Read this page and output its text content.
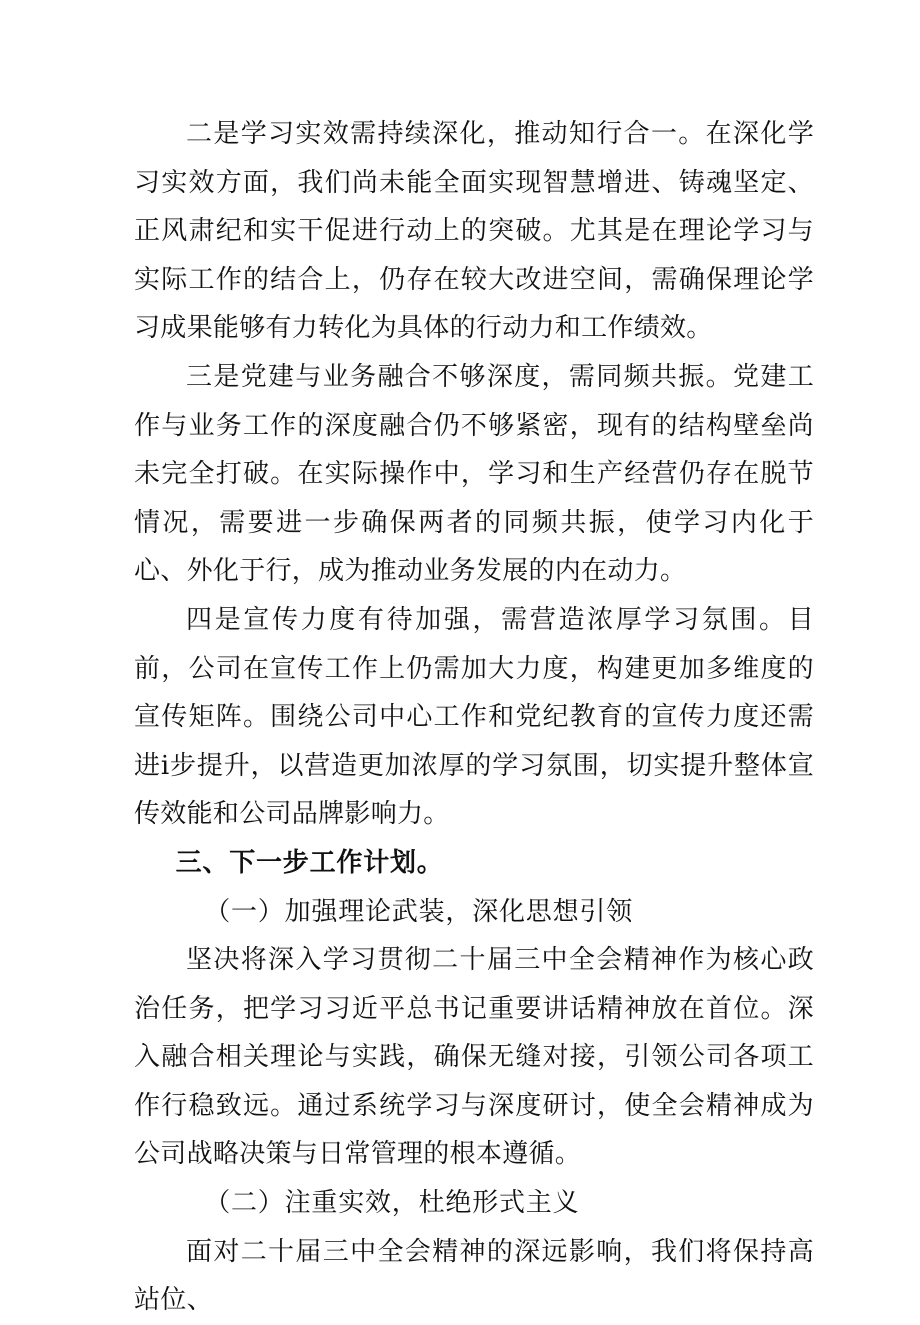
二是学习实效需持续深化，推动知行合一。在深化学习实效方面，我们尚未能全面实现智慧增进、铸魂坚定、正风肃纪和实干促进行动上的突破。尤其是在理论学习与实际工作的结合上，仍存在较大改进空间，需确保理论学习成果能够有力转化为具体的行动力和工作绩效。

三是党建与业务融合不够深度，需同频共振。党建工作与业务工作的深度融合仍不够紧密，现有的结构壁垒尚未完全打破。在实际操作中，学习和生产经营仍存在脱节情况，需要进一步确保两者的同频共振，使学习内化于心、外化于行，成为推动业务发展的内在动力。

四是宣传力度有待加强，需营造浓厚学习氛围。目前，公司在宣传工作上仍需加大力度，构建更加多维度的宣传矩阵。围绕公司中心工作和党纪教育的宣传力度还需进i步提升，以营造更加浓厚的学习氛围，切实提升整体宣传效能和公司品牌影响力。

三、下一步工作计划。

（一）加强理论武装，深化思想引领

坚决将深入学习贯彻二十届三中全会精神作为核心政治任务，把学习习近平总书记重要讲话精神放在首位。深入融合相关理论与实践，确保无缝对接，引领公司各项工作行稳致远。通过系统学习与深度研讨，使全会精神成为公司战略决策与日常管理的根本遵循。

（二）注重实效，杜绝形式主义

面对二十届三中全会精神的深远影响，我们将保持高站位、
